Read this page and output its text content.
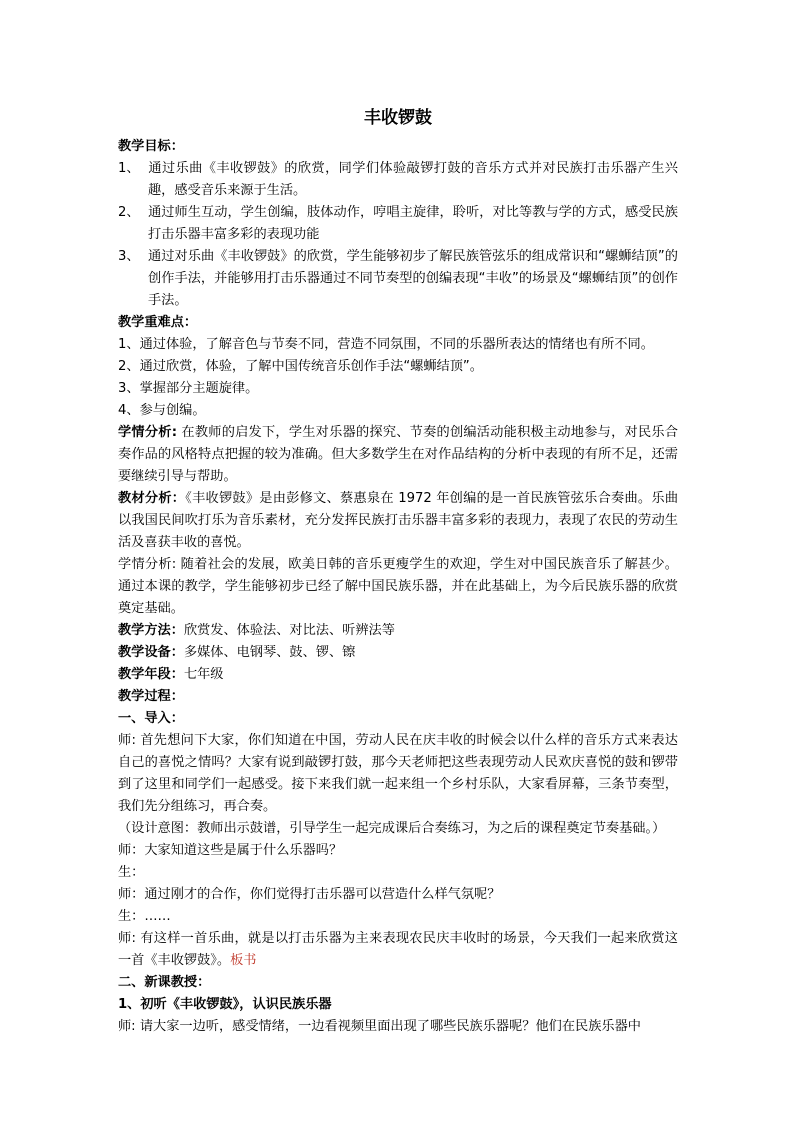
丰收锣鼓
教学目标：
1、 通过乐曲《丰收锣鼓》的欣赏，同学们体验敲锣打鼓的音乐方式并对民族打击乐器产生兴趣，感受音乐来源于生活。
2、 通过师生互动，学生创编，肢体动作，哼唱主旋律，聆听，对比等教与学的方式，感受民族打击乐器丰富多彩的表现功能
3、 通过对乐曲《丰收锣鼓》的欣赏，学生能够初步了解民族管弦乐的组成常识和“螺蛳结顶”的创作手法，并能够用打击乐器通过不同节奏型的创编表现“丰收”的场景及“螺蛳结顶”的创作手法。
教学重难点：
1、通过体验，了解音色与节奏不同，营造不同氛围，不同的乐器所表达的情绪也有所不同。
2、通过欣赏，体验，了解中国传统音乐创作手法“螺蛳结顶”。
3、掌握部分主题旋律。
4、参与创编。
学情分析: 在教师的启发下，学生对乐器的探究、节奏的创编活动能积极主动地参与，对民乐合奏作品的风格特点把握的较为准确。但大多数学生在对作品结构的分析中表现的有所不足，还需要继续引导与帮助。
教材分析：《丰收锣鼓》是由彭修文、蔡惠泉在 1972 年创编的是一首民族管弦乐合奏曲。乐曲以我国民间吹打乐为音乐素材，充分发挥民族打击乐器丰富多彩的表现力，表现了农民的劳动生活及喜获丰收的喜悦。
学情分析: 随着社会的发展，欧美日韩的音乐更瘦学生的欢迎，学生对中国民族音乐了解甚少。通过本课的教学，学生能够初步已经了解中国民族乐器，并在此基础上，为今后民族乐器的欣赏奠定基础。
教学方法：欣赏发、体验法、对比法、听辨法等
教学设备：多媒体、电钢琴、鼓、锣、镲
教学年段：七年级
教学过程：
一、导入：
师: 首先想问下大家，你们知道在中国，劳动人民在庆丰收的时候会以什么样的音乐方式来表达自己的喜悦之情吗？大家有说到敲锣打鼓，那今天老师把这些表现劳动人民欢庆喜悦的鼓和锣带到了这里和同学们一起感受。接下来我们就一起来组一个乡村乐队，大家看屏幕，三条节奏型，我们先分组练习，再合奏。
（设计意图：教师出示鼓谱，引导学生一起完成课后合奏练习，为之后的课程奠定节奏基础。）
师：大家知道这些是属于什么乐器吗？
生：
师：通过刚才的合作，你们觉得打击乐器可以营造什么样气氛呢？
生：……
师: 有这样一首乐曲，就是以打击乐器为主来表现农民庆丰收时的场景，今天我们一起来欣赏这一首《丰收锣鼓》。板书
二、新课教授：
1、初听《丰收锣鼓》，认识民族乐器
师: 请大家一边听，感受情绪，一边看视频里面出现了哪些民族乐器呢？他们在民族乐器中
